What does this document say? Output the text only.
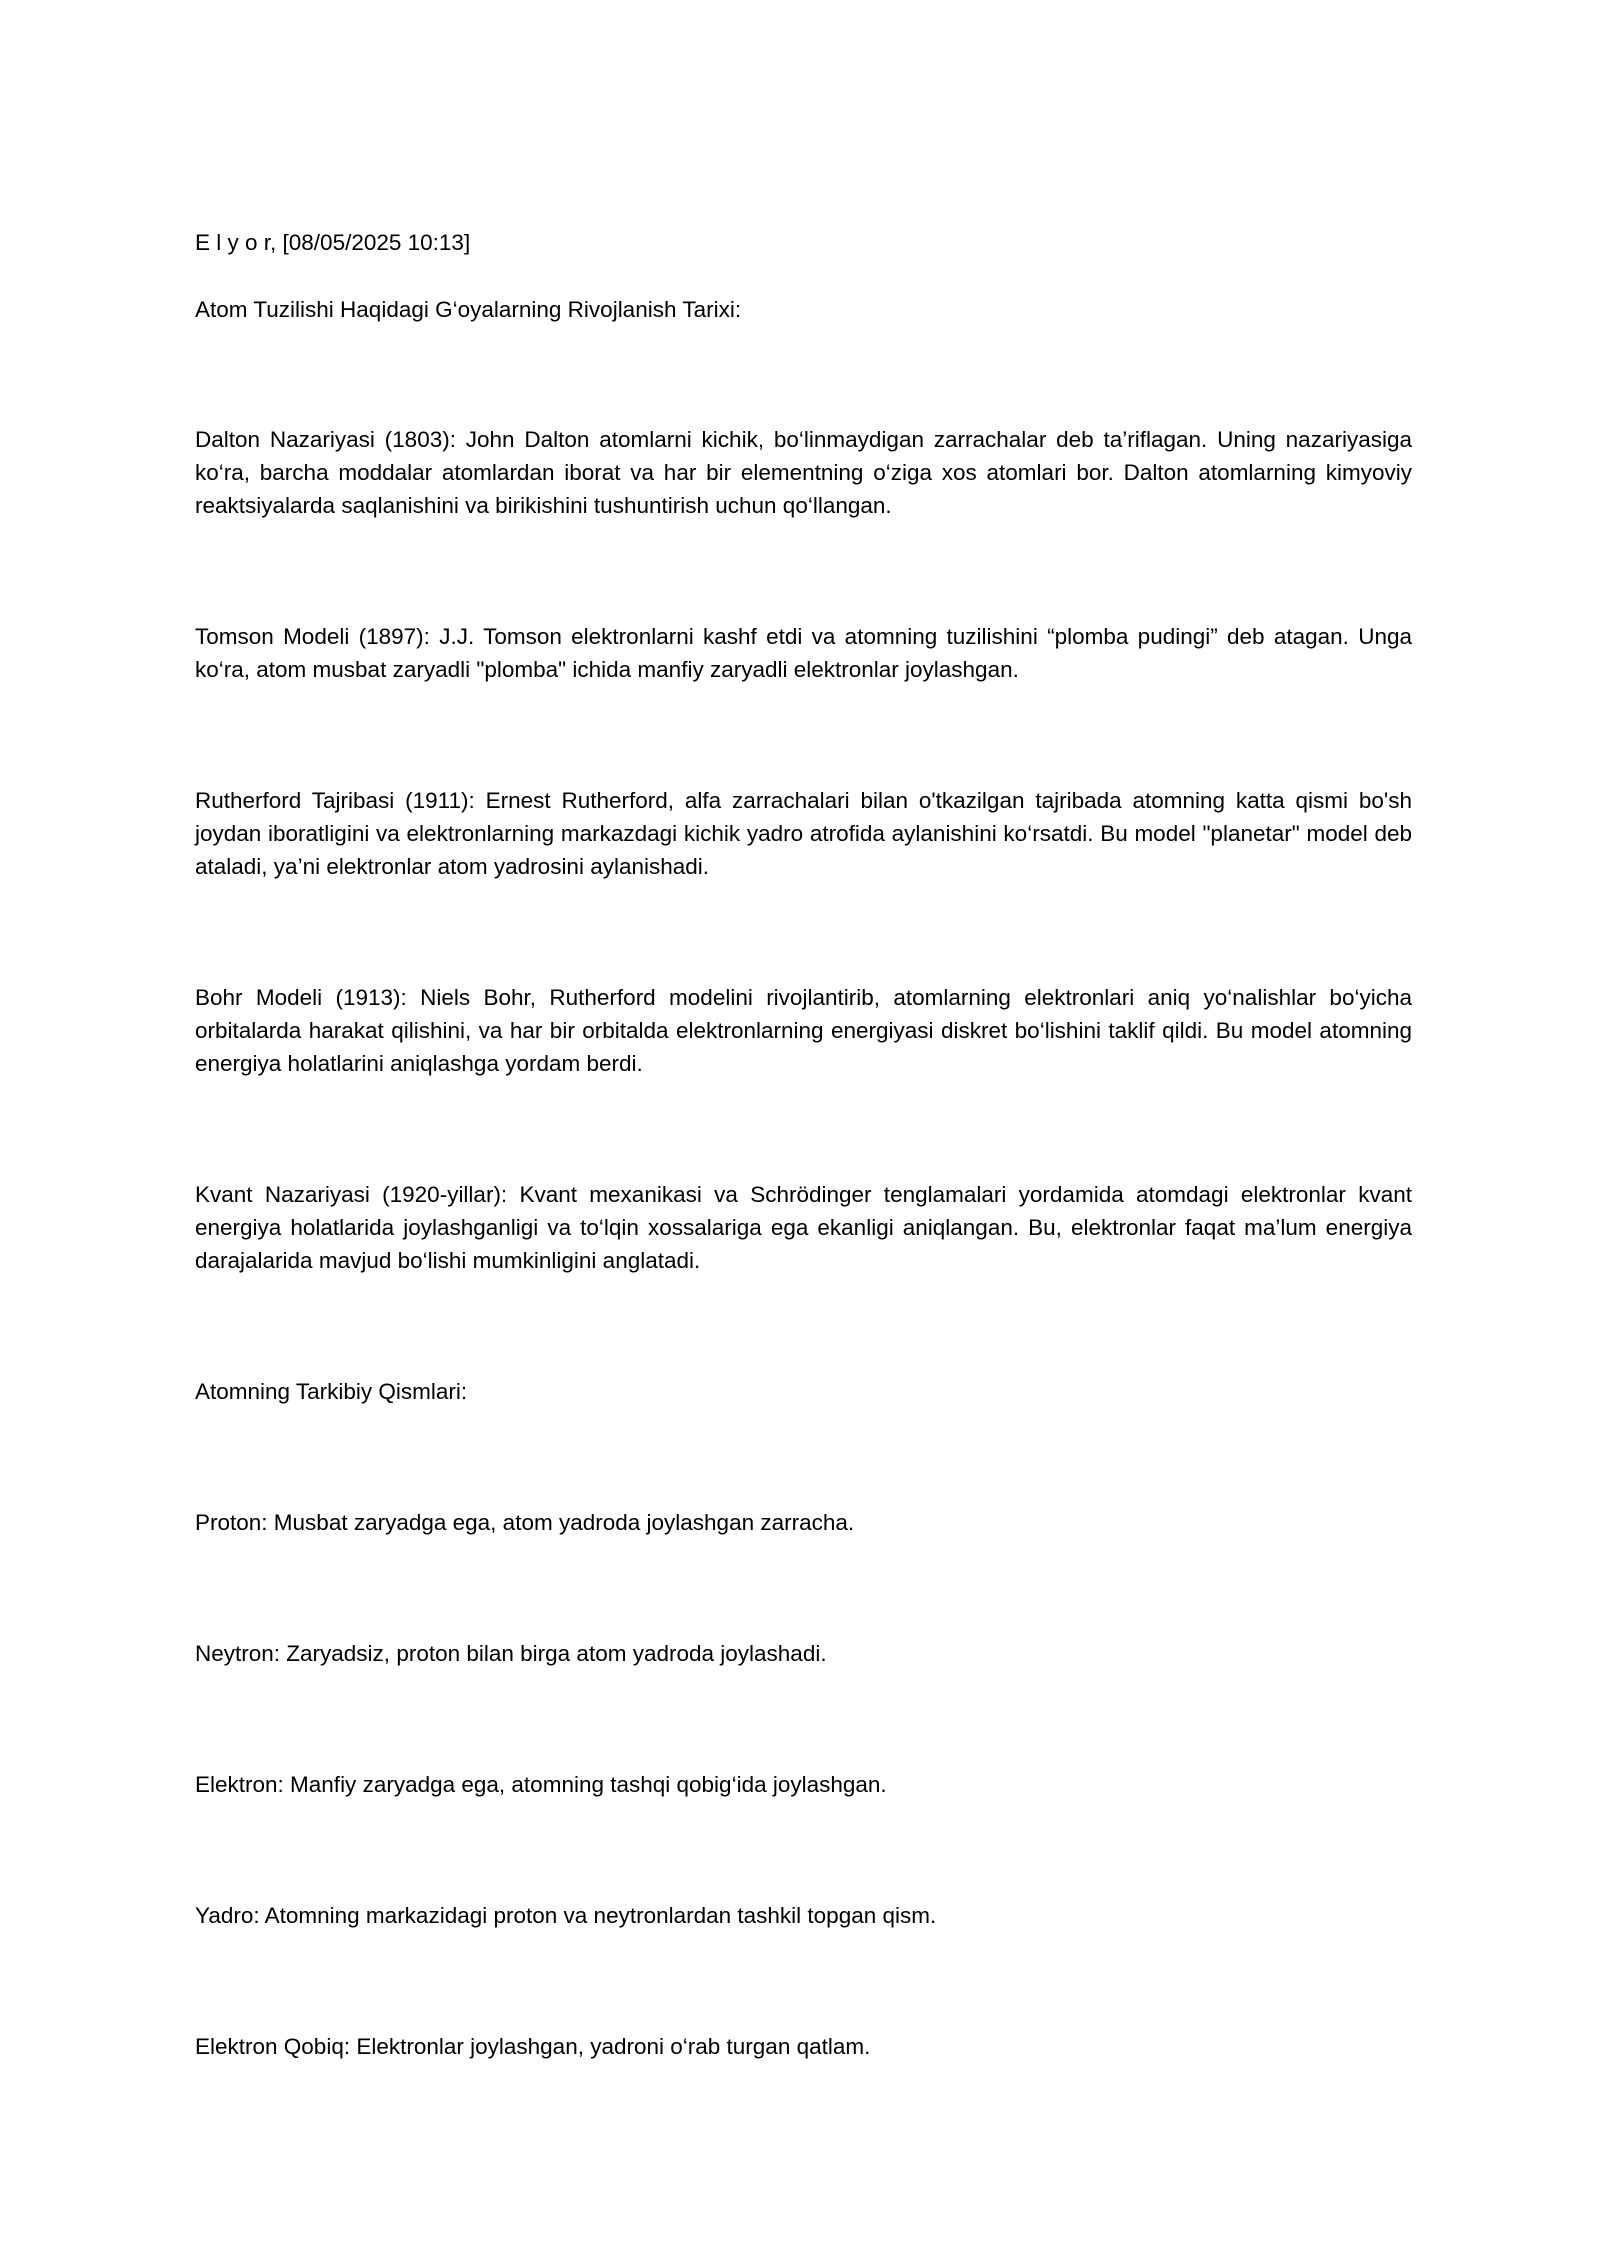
E l y o r, [08/05/2025 10:13]

Atom Tuzilishi Haqidagi G‘oyalarning Rivojlanish Tarixi:

Dalton Nazariyasi (1803): John Dalton atomlarni kichik, bo‘linmaydigan zarrachalar deb ta’riflagan. Uning nazariyasiga ko‘ra, barcha moddalar atomlardan iborat va har bir elementning o‘ziga xos atomlari bor. Dalton atomlarning kimyoviy reaktsiyalarda saqlanishini va birikishini tushuntirish uchun qo‘llangan.

Tomson Modeli (1897): J.J. Tomson elektronlarni kashf etdi va atomning tuzilishini “plomba pudingi” deb atagan. Unga ko‘ra, atom musbat zaryadli "plomba" ichida manfiy zaryadli elektronlar joylashgan.

Rutherford Tajribasi (1911): Ernest Rutherford, alfa zarrachalari bilan o'tkazilgan tajribada atomning katta qismi bo'sh joydan iboratligini va elektronlarning markazdagi kichik yadro atrofida aylanishini ko‘rsatdi. Bu model "planetar" model deb ataladi, ya’ni elektronlar atom yadrosini aylanishadi.

Bohr Modeli (1913): Niels Bohr, Rutherford modelini rivojlantirib, atomlarning elektronlari aniq yo‘nalishlar bo‘yicha orbitalarda harakat qilishini, va har bir orbitalda elektronlarning energiyasi diskret bo‘lishini taklif qildi. Bu model atomning energiya holatlarini aniqlashga yordam berdi.

Kvant Nazariyasi (1920-yillar): Kvant mexanikasi va Schrödinger tenglamalari yordamida atomdagi elektronlar kvant energiya holatlarida joylashganligi va to‘lqin xossalariga ega ekanligi aniqlangan. Bu, elektronlar faqat ma’lum energiya darajalarida mavjud bo‘lishi mumkinligini anglatadi.

Atomning Tarkibiy Qismlari:

Proton: Musbat zaryadga ega, atom yadroda joylashgan zarracha.

Neytron: Zaryadsiz, proton bilan birga atom yadroda joylashadi.

Elektron: Manfiy zaryadga ega, atomning tashqi qobig‘ida joylashgan.

Yadro: Atomning markazidagi proton va neytronlardan tashkil topgan qism.

Elektron Qobiq: Elektronlar joylashgan, yadroni o‘rab turgan qatlam.
